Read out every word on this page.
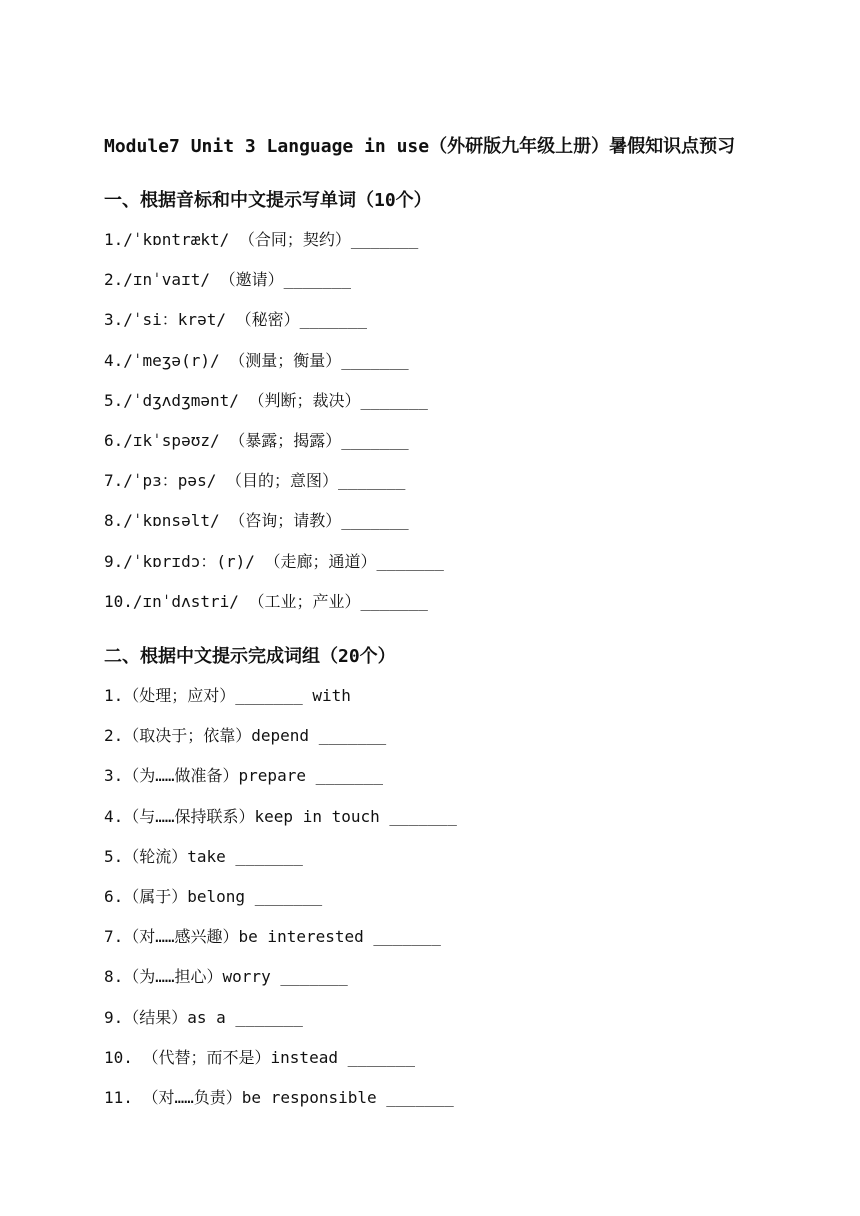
Module7 Unit 3 Language in use（外研版九年级上册）暑假知识点预习
一、根据音标和中文提示写单词（10个）
1./ˈkɒntrækt/ （合同；契约）_______
2./ɪnˈvaɪt/ （邀请）_______
3./ˈsi：krət/ （秘密）_______
4./ˈmeʒə(r)/ （测量；衡量）_______
5./ˈdʒʌdʒmənt/ （判断；裁决）_______
6./ɪkˈspəʊz/ （暴露；揭露）_______
7./ˈpɜ：pəs/ （目的；意图）_______
8./ˈkɒnsəlt/ （咨询；请教）_______
9./ˈkɒrɪdɔ：(r)/ （走廊；通道）_______
10./ɪnˈdʌstri/ （工业；产业）_______
二、根据中文提示完成词组（20个）
1.（处理；应对）_______ with
2.（取决于；依靠）depend _______
3.（为……做准备）prepare _______
4.（与……保持联系）keep in touch _______
5.（轮流）take _______
6.（属于）belong _______
7.（对……感兴趣）be interested _______
8.（为……担心）worry _______
9.（结果）as a _______
10. （代替；而不是）instead _______
11. （对……负责）be responsible _______
